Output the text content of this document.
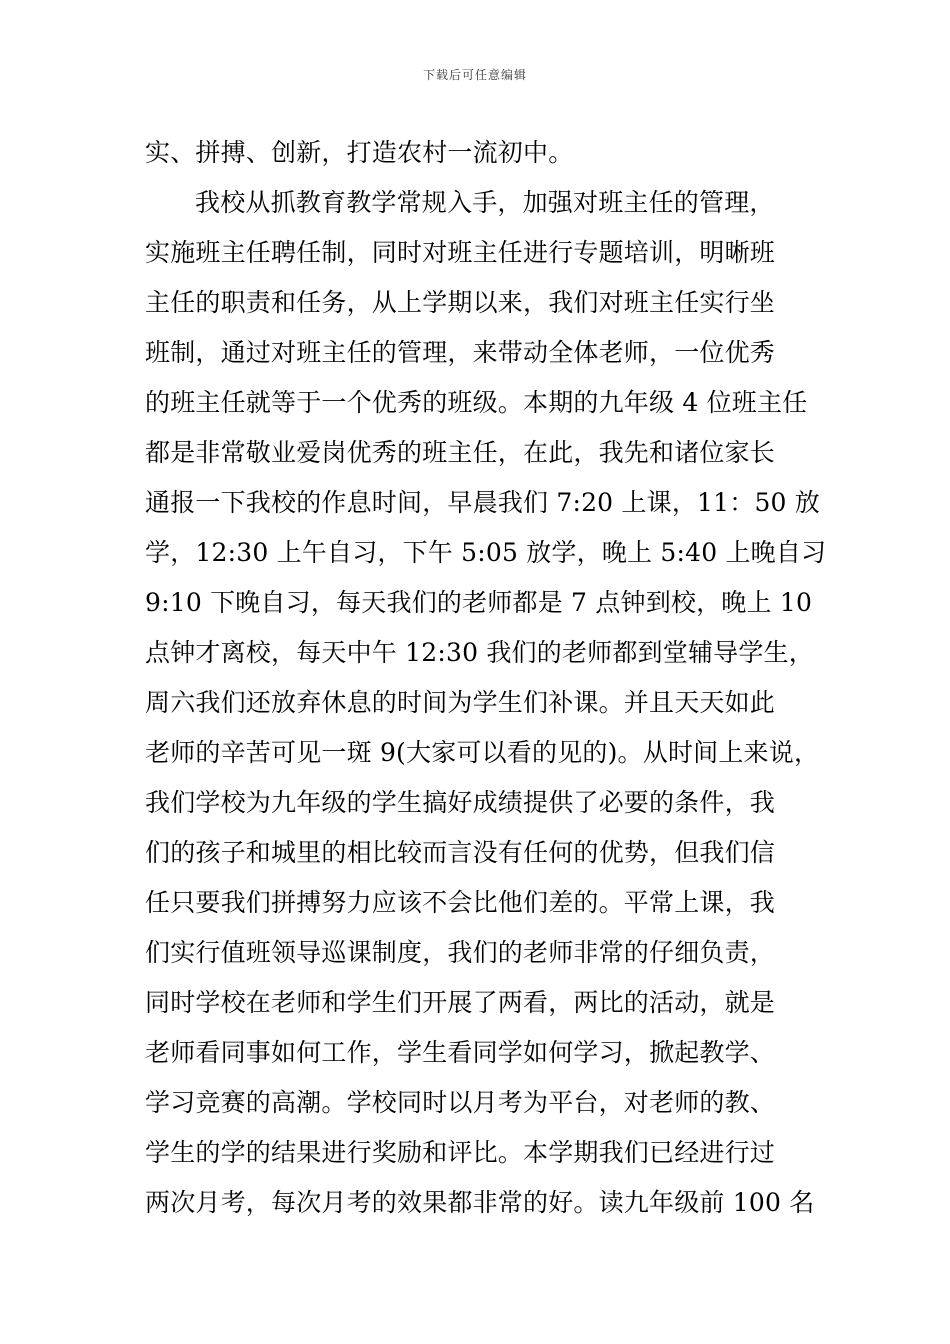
下载后可任意编辑
实、拼搏、创新，打造农村一流初中。
我校从抓教育教学常规入手，加强对班主任的管理，
实施班主任聘任制，同时对班主任进行专题培训，明晰班
主任的职责和任务，从上学期以来，我们对班主任实行坐
班制，通过对班主任的管理，来带动全体老师，一位优秀
的班主任就等于一个优秀的班级。本期的九年级 4 位班主任
都是非常敬业爱岗优秀的班主任，在此，我先和诸位家长
通报一下我校的作息时间，早晨我们 7:20 上课，11：50 放
学，12:30 上午自习，下午 5:05 放学，晚上 5:40 上晚自习
9:10 下晚自习，每天我们的老师都是 7 点钟到校，晚上 10
点钟才离校，每天中午 12:30 我们的老师都到堂辅导学生，
周六我们还放弃休息的时间为学生们补课。并且天天如此
老师的辛苦可见一斑 9(大家可以看的见的)。从时间上来说，
我们学校为九年级的学生搞好成绩提供了必要的条件，我
们的孩子和城里的相比较而言没有任何的优势，但我们信
任只要我们拼搏努力应该不会比他们差的。平常上课，我
们实行值班领导巡课制度，我们的老师非常的仔细负责，
同时学校在老师和学生们开展了两看，两比的活动，就是
老师看同事如何工作，学生看同学如何学习，掀起教学、
学习竞赛的高潮。学校同时以月考为平台，对老师的教、
学生的学的结果进行奖励和评比。本学期我们已经进行过
两次月考，每次月考的效果都非常的好。读九年级前 100 名
